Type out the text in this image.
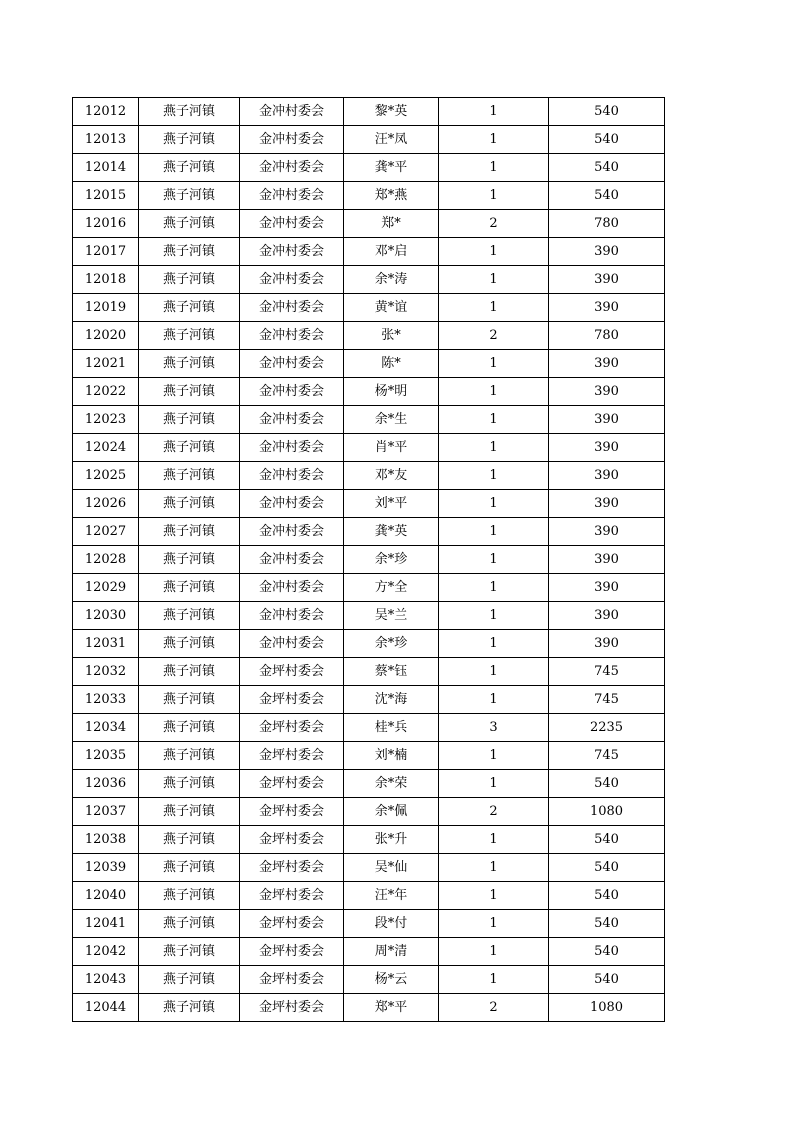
12012	燕子河镇	金冲村委会	黎*英	1	540
12013	燕子河镇	金冲村委会	汪*凤	1	540
12014	燕子河镇	金冲村委会	龚*平	1	540
12015	燕子河镇	金冲村委会	郑*燕	1	540
12016	燕子河镇	金冲村委会	郑*	2	780
12017	燕子河镇	金冲村委会	邓*启	1	390
12018	燕子河镇	金冲村委会	余*涛	1	390
12019	燕子河镇	金冲村委会	黄*谊	1	390
12020	燕子河镇	金冲村委会	张*	2	780
12021	燕子河镇	金冲村委会	陈*	1	390
12022	燕子河镇	金冲村委会	杨*明	1	390
12023	燕子河镇	金冲村委会	余*生	1	390
12024	燕子河镇	金冲村委会	肖*平	1	390
12025	燕子河镇	金冲村委会	邓*友	1	390
12026	燕子河镇	金冲村委会	刘*平	1	390
12027	燕子河镇	金冲村委会	龚*英	1	390
12028	燕子河镇	金冲村委会	余*珍	1	390
12029	燕子河镇	金冲村委会	方*全	1	390
12030	燕子河镇	金冲村委会	吴*兰	1	390
12031	燕子河镇	金冲村委会	余*珍	1	390
12032	燕子河镇	金坪村委会	蔡*钰	1	745
12033	燕子河镇	金坪村委会	沈*海	1	745
12034	燕子河镇	金坪村委会	桂*兵	3	2235
12035	燕子河镇	金坪村委会	刘*楠	1	745
12036	燕子河镇	金坪村委会	余*荣	1	540
12037	燕子河镇	金坪村委会	余*佩	2	1080
12038	燕子河镇	金坪村委会	张*升	1	540
12039	燕子河镇	金坪村委会	吴*仙	1	540
12040	燕子河镇	金坪村委会	汪*年	1	540
12041	燕子河镇	金坪村委会	段*付	1	540
12042	燕子河镇	金坪村委会	周*清	1	540
12043	燕子河镇	金坪村委会	杨*云	1	540
12044	燕子河镇	金坪村委会	郑*平	2	1080
